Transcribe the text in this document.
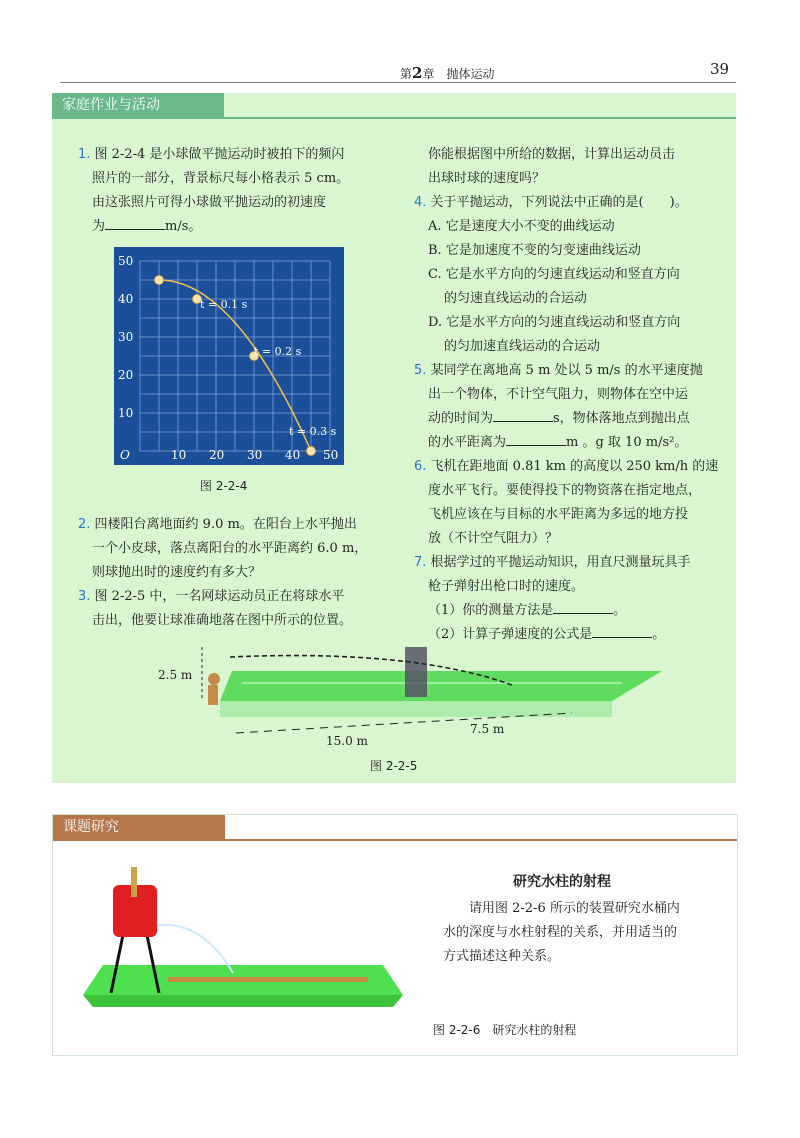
第2章　 抛体运动	39
家庭作业与活动
1. 图 2-2-4 是小球做平抛运动时被拍下的频闪
照片的一部分，背景标尺每小格表示 5 cm。
由这张照片可得小球做平抛运动的初速度
为	m/s。
10 20 30 40 50
10
20
30
40
50
O
t = 0.1 s
t = 0.2 s
t = 0.3 s
图 2-2-4
2. 四楼阳台离地面约 9.0 m。在阳台上水平抛出
一个小皮球，落点离阳台的水平距离约 6.0 m，
则球抛出时的速度约有多大？
3. 图 2-2-5 中，一名网球运动员正在将球水平
击出，他要让球准确地落在图中所示的位置。
你能根据图中所给的数据，计算出运动员击
出球时球的速度吗？
4. 关于平抛运动，下列说法中正确的是(　　)。
A. 它是速度大小不变的曲线运动
B. 它是加速度不变的匀变速曲线运动
C. 它是水平方向的匀速直线运动和竖直方向
的匀速直线运动的合运动
D. 它是水平方向的匀速直线运动和竖直方向
的匀加速直线运动的合运动
5. 某同学在离地高 5 m 处以 5 m/s 的水平速度抛
出一个物体，不计空气阻力，则物体在空中运
动的时间为	s，物体落地点到抛出点
的水平距离为	m 。g 取 10 m/s²。
6. 飞机在距地面 0.81 km 的高度以 250 km/h 的速
度水平飞行。要使得投下的物资落在指定地点，
飞机应该在与目标的水平距离为多远的地方投
放（不计空气阻力）？
7. 根据学过的平抛运动知识，用直尺测量玩具手
枪子弹射出枪口时的速度。
（1）你的测量方法是	。
（2）计算子弹速度的公式是	。
2.5 m
15.0 m
7.5 m
图 2-2-5
课题研究
研究水柱的射程
请用图 2-2-6 所示的装置研究水桶内
水的深度与水柱射程的关系，并用适当的
方式描述这种关系。
图 2-2-6　研究水柱的射程
